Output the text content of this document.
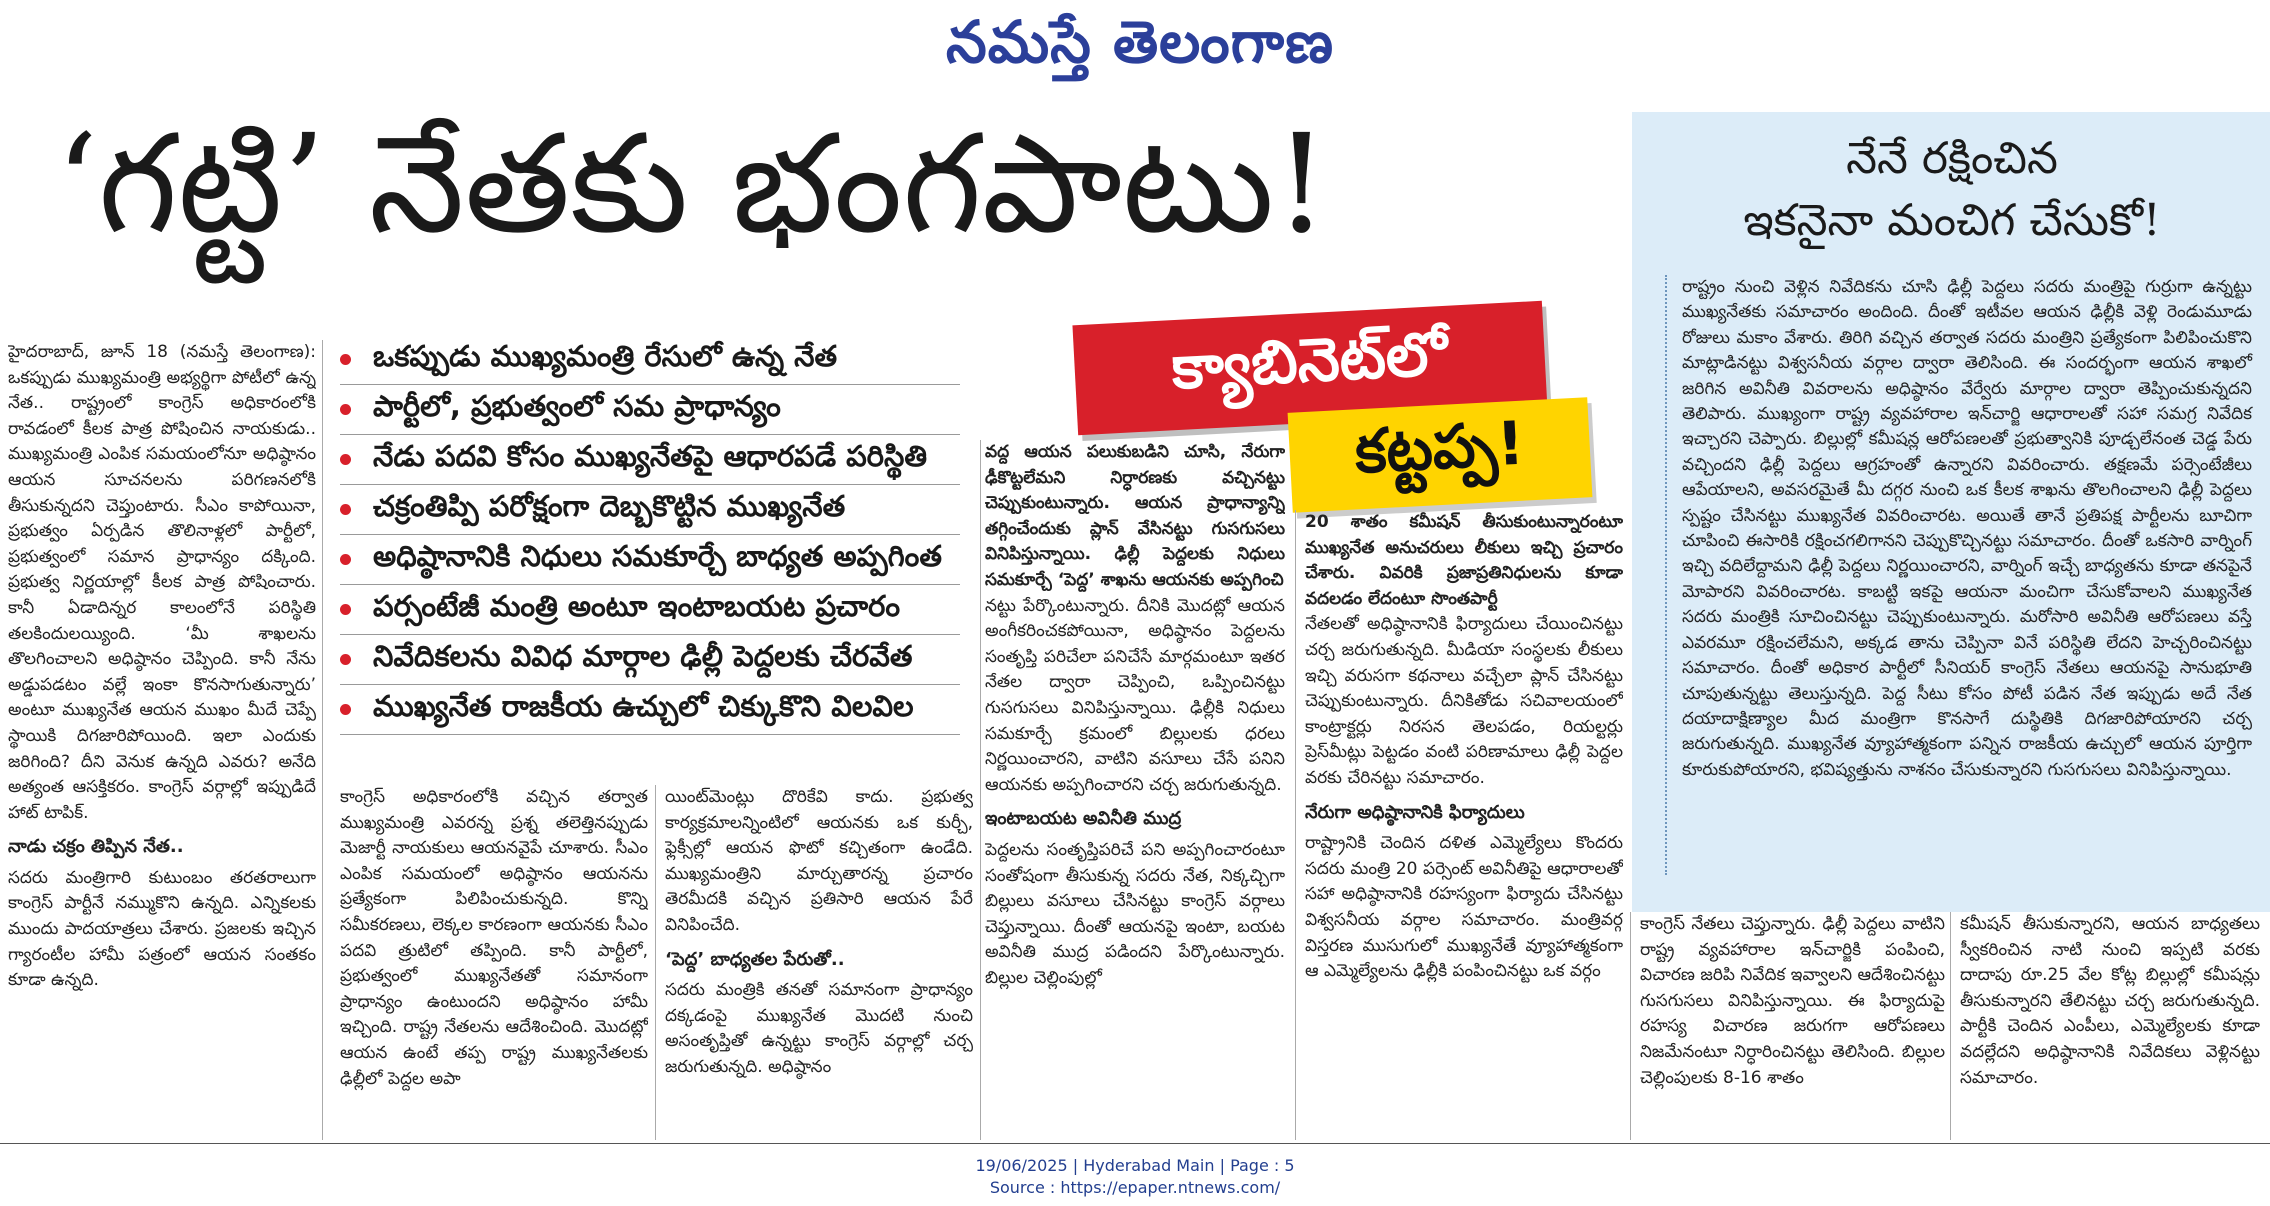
నమస్తే తెలంగాణ
‘గట్టి’ నేతకు భంగపాటు!
ఒకప్పుడు ముఖ్యమంత్రి రేసులో ఉన్న నేత
పార్టీలో, ప్రభుత్వంలో సమ ప్రాధాన్యం
నేడు పదవి కోసం ముఖ్యనేతపై ఆధారపడే పరిస్థితి
చక్రంతిప్పి పరోక్షంగా దెబ్బకొట్టిన ముఖ్యనేత
అధిష్ఠానానికి నిధులు సమకూర్చే బాధ్యత అప్పగింత
పర్సంటేజీ మంత్రి అంటూ ఇంటాబయట ప్రచారం
నివేదికలను వివిధ మార్గాల ఢిల్లీ పెద్దలకు చేరవేత
ముఖ్యనేత రాజకీయ ఉచ్చులో చిక్కుకొని విలవిల
క్యాబినెట్‌లో
కట్టప్ప!

హైదరాబాద్, జూన్ 18 (నమస్తే తెలంగాణ): ఒకప్పుడు ముఖ్యమంత్రి అభ్యర్థిగా పోటీలో ఉన్న నేత.. రాష్ట్రంలో కాంగ్రెస్ అధికారంలోకి రావడంలో కీలక పాత్ర పోషించిన నాయకుడు.. ముఖ్యమంత్రి ఎంపిక సమయంలోనూ అధిష్ఠానం ఆయన సూచనలను పరిగణనలోకి తీసుకున్నదని చెప్తుంటారు. సీఎం కాపోయినా, ప్రభుత్వం ఏర్పడిన తొలినాళ్లలో పార్టీలో, ప్రభుత్వంలో సమాన ప్రాధాన్యం దక్కింది. ప్రభుత్వ నిర్ణయాల్లో కీలక పాత్ర పోషించారు. కానీ ఏడాదిన్నర కాలంలోనే పరిస్థితి తలకిందులయ్యింది. ‘మీ శాఖలను తొలగించాలని అధిష్ఠానం చెప్పింది. కానీ నేను అడ్డుపడటం వల్లే ఇంకా కొనసాగుతున్నారు’ అంటూ ముఖ్యనేత ఆయన ముఖం మీదే చెప్పే స్థాయికి దిగజారిపోయింది. ఇలా ఎందుకు జరిగింది? దీని వెనుక ఉన్నది ఎవరు? అనేది అత్యంత ఆసక్తికరం. కాంగ్రెస్ వర్గాల్లో ఇప్పుడిదే హాట్ టాపిక్.

నాడు చక్రం తిప్పిన నేత..

సదరు మంత్రిగారి కుటుంబం తరతరాలుగా కాంగ్రెస్ పార్టీనే నమ్ముకొని ఉన్నది. ఎన్నికలకు ముందు పాదయాత్రలు చేశారు. ప్రజలకు ఇచ్చిన గ్యారంటీల హామీ పత్రంలో ఆయన సంతకం కూడా ఉన్నది.

కాంగ్రెస్ అధికారంలోకి వచ్చిన తర్వాత ముఖ్యమంత్రి ఎవరన్న ప్రశ్న తలెత్తినప్పుడు మెజార్టీ నాయకులు ఆయనవైపే చూశారు. సీఎం ఎంపిక సమయంలో అధిష్ఠానం ఆయనను ప్రత్యేకంగా పిలిపించుకున్నది. కొన్ని సమీకరణలు, లెక్కల కారణంగా ఆయనకు సీఎం పదవి త్రుటిలో తప్పింది. కానీ పార్టీలో, ప్రభుత్వంలో ముఖ్యనేతతో సమానంగా ప్రాధాన్యం ఉంటుందని అధిష్ఠానం హామీ ఇచ్చింది. రాష్ట్ర నేతలను ఆదేశించింది. మొదట్లో ఆయన ఉంటే తప్ప రాష్ట్ర ముఖ్యనేతలకు ఢిల్లీలో పెద్దల అపా

యింట్‌మెంట్లు దొరికేవి కాదు. ప్రభుత్వ కార్యక్రమాలన్నింటిలో ఆయనకు ఒక కుర్చీ, ఫ్లెక్సీల్లో ఆయన ఫొటో కచ్చితంగా ఉండేది. ముఖ్యమంత్రిని మార్చుతారన్న ప్రచారం తెరమీదకి వచ్చిన ప్రతిసారి ఆయన పేరే వినిపించేది.

‘పెద్ద’ బాధ్యతల పేరుతో..

సదరు మంత్రికి తనతో సమానంగా ప్రాధాన్యం దక్కడంపై ముఖ్యనేత మొదటి నుంచి అసంతృప్తితో ఉన్నట్టు కాంగ్రెస్ వర్గాల్లో చర్చ జరుగుతున్నది. అధిష్ఠానం

వద్ద ఆయన పలుకుబడిని చూసి, నేరుగా ఢీకొట్టలేమని నిర్ధారణకు వచ్చినట్టు చెప్పుకుంటున్నారు. ఆయన ప్రాధాన్యాన్ని తగ్గించేందుకు ప్లాన్ వేసినట్టు గుసగుసలు వినిపిస్తున్నాయి. ఢిల్లీ పెద్దలకు నిధులు సమకూర్చే ‘పెద్ద’ శాఖను ఆయనకు అప్పగించి

నట్టు పేర్కొంటున్నారు. దీనికి మొదట్లో ఆయన అంగీకరించకపోయినా, అధిష్ఠానం పెద్దలను సంతృప్తి పరిచేలా పనిచేసే మార్గమంటూ ఇతర నేతల ద్వారా చెప్పించి, ఒప్పించినట్టు గుసగుసలు వినిపిస్తున్నాయి. ఢిల్లీకి నిధులు సమకూర్చే క్రమంలో బిల్లులకు ధరలు నిర్ణయించారని, వాటిని వసూలు చేసే పనిని ఆయనకు అప్పగించారని చర్చ జరుగుతున్నది.

ఇంటాబయట అవినీతి ముద్ర

పెద్దలను సంతృప్తిపరిచే పని అప్పగించారంటూ సంతోషంగా తీసుకున్న సదరు నేత, నిక్కచ్చిగా బిల్లులు వసూలు చేసినట్టు కాంగ్రెస్ వర్గాలు చెప్తున్నాయి. దీంతో ఆయనపై ఇంటా, బయట అవినీతి ముద్ర పడిందని పేర్కొంటున్నారు. బిల్లుల చెల్లింపుల్లో

20 శాతం కమీషన్ తీసుకుంటున్నారంటూ ముఖ్యనేత అనుచరులు లీకులు ఇచ్చి ప్రచారం చేశారు. వివరికి ప్రజాప్రతినిధులను కూడా వదలడం లేదంటూ సొంతపార్టీ

నేతలతో అధిష్ఠానానికి ఫిర్యాదులు చేయించినట్టు చర్చ జరుగుతున్నది. మీడియా సంస్థలకు లీకులు ఇచ్చి వరుసగా కథనాలు వచ్చేలా ప్లాన్ చేసినట్టు చెప్పుకుంటున్నారు. దీనికితోడు సచివాలయంలో కాంట్రాక్టర్లు నిరసన తెలపడం, రియల్టర్లు ప్రెస్‌మీట్లు పెట్టడం వంటి పరిణామాలు ఢిల్లీ పెద్దల వరకు చేరినట్టు సమాచారం.

నేరుగా అధిష్ఠానానికి ఫిర్యాదులు

రాష్ట్రానికి చెందిన దళిత ఎమ్మెల్యేలు కొందరు సదరు మంత్రి 20 పర్సెంట్ అవినీతిపై ఆధారాలతో సహా అధిష్ఠానానికి రహస్యంగా ఫిర్యాదు చేసినట్టు విశ్వసనీయ వర్గాల సమాచారం. మంత్రివర్గ విస్తరణ ముసుగులో ముఖ్యనేతే వ్యూహాత్మకంగా ఆ ఎమ్మెల్యేలను ఢిల్లీకి పంపించినట్టు ఒక వర్గం

కాంగ్రెస్ నేతలు చెప్తున్నారు. ఢిల్లీ పెద్దలు వాటిని రాష్ట్ర వ్యవహారాల ఇన్‌చార్జికి పంపించి, విచారణ జరిపి నివేదిక ఇవ్వాలని ఆదేశించినట్టు గుసగుసలు వినిపిస్తున్నాయి. ఈ ఫిర్యాదుపై రహస్య విచారణ జరుగగా ఆరోపణలు నిజమేనంటూ నిర్ధారించినట్టు తెలిసింది. బిల్లుల చెల్లింపులకు 8-16 శాతం

కమీషన్ తీసుకున్నారని, ఆయన బాధ్యతలు స్వీకరించిన నాటి నుంచి ఇప్పటి వరకు దాదాపు రూ.25 వేల కోట్ల బిల్లుల్లో కమీషన్లు తీసుకున్నారని తేలినట్టు చర్చ జరుగుతున్నది. పార్టీకి చెందిన ఎంపీలు, ఎమ్మెల్యేలకు కూడా వదల్లేదని అధిష్ఠానానికి నివేదికలు వెళ్లినట్టు సమాచారం.

నేనే రక్షించిన
ఇకనైనా మంచిగ చేసుకో!
రాష్ట్రం నుంచి వెళ్లిన నివేదికను చూసి ఢిల్లీ పెద్దలు సదరు మంత్రిపై గుర్రుగా ఉన్నట్టు ముఖ్యనేతకు సమాచారం అందింది. దీంతో ఇటీవల ఆయన ఢిల్లీకి వెళ్లి రెండుమూడు రోజులు మకాం వేశారు. తిరిగి వచ్చిన తర్వాత సదరు మంత్రిని ప్రత్యేకంగా పిలిపించుకొని మాట్లాడినట్టు విశ్వసనీయ వర్గాల ద్వారా తెలిసింది. ఈ సందర్భంగా ఆయన శాఖలో జరిగిన అవినీతి వివరాలను అధిష్ఠానం వేర్వేరు మార్గాల ద్వారా తెప్పించుకున్నదని తెలిపారు. ముఖ్యంగా రాష్ట్ర వ్యవహారాల ఇన్‌చార్జి ఆధారాలతో సహా సమగ్ర నివేదిక ఇచ్చారని చెప్పారు. బిల్లుల్లో కమీషన్ల ఆరోపణలతో ప్రభుత్వానికి పూడ్చలేనంత చెడ్డ పేరు వచ్చిందని ఢిల్లీ పెద్దలు ఆగ్రహంతో ఉన్నారని వివరించారు. తక్షణమే పర్సెంటేజీలు ఆపేయాలని, అవసరమైతే మీ దగ్గర నుంచి ఒక కీలక శాఖను తొలగించాలని ఢిల్లీ పెద్దలు స్పష్టం చేసినట్టు ముఖ్యనేత వివరించారట. అయితే తానే ప్రతిపక్ష పార్టీలను బూచిగా చూపించి ఈసారికి రక్షించగలిగానని చెప్పుకొచ్చినట్టు సమాచారం. దీంతో ఒకసారి వార్నింగ్ ఇచ్చి వదిలేద్దామని ఢిల్లీ పెద్దలు నిర్ణయించారని, వార్నింగ్ ఇచ్చే బాధ్యతను కూడా తనపైనే మోపారని వివరించారట. కాబట్టి ఇకపై ఆయనా మంచిగా చేసుకోవాలని ముఖ్యనేత సదరు మంత్రికి సూచించినట్టు చెప్పుకుంటున్నారు. మరోసారి అవినీతి ఆరోపణలు వస్తే ఎవరమూ రక్షించలేమని, అక్కడ తాను చెప్పినా వినే పరిస్థితి లేదని హెచ్చరించినట్టు సమాచారం. దీంతో అధికార పార్టీలో సీనియర్ కాంగ్రెస్ నేతలు ఆయనపై సానుభూతి చూపుతున్నట్టు తెలుస్తున్నది. పెద్ద సీటు కోసం పోటీ పడిన నేత ఇప్పుడు అదే నేత దయాదాక్షిణ్యాల మీద మంత్రిగా కొనసాగే దుస్థితికి దిగజారిపోయారని చర్చ జరుగుతున్నది. ముఖ్యనేత వ్యూహాత్మకంగా పన్నిన రాజకీయ ఉచ్చులో ఆయన పూర్తిగా కూరుకుపోయారని, భవిష్యత్తును నాశనం చేసుకున్నారని గుసగుసలు వినిపిస్తున్నాయి.
19/06/2025 | Hyderabad Main | Page : 5
Source : https://epaper.ntnews.com/
